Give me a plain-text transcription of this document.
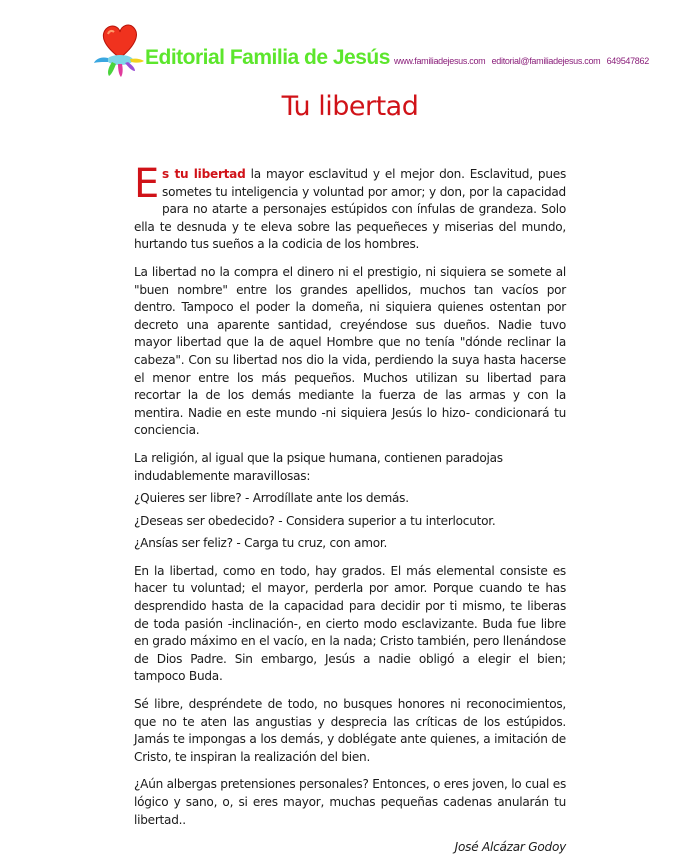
Editorial Familia de Jesús www.familiadejesus.com editorial@familiadejesus.com 649547862
Tu libertad

Es tu libertad la mayor esclavitud y el mejor don. Esclavitud, pues sometes tu inteligencia y voluntad por amor; y don, por la capacidad para no atarte a personajes estúpidos con ínfulas de grandeza. Solo ella te desnuda y te eleva sobre las pequeñeces y miserias del mundo, hurtando tus sueños a la codicia de los hombres.

La libertad no la compra el dinero ni el prestigio, ni siquiera se somete al "buen nombre" entre los grandes apellidos, muchos tan vacíos por dentro. Tampoco el poder la domeña, ni siquiera quienes ostentan por decreto una aparente santidad, creyéndose sus dueños. Nadie tuvo mayor libertad que la de aquel Hombre que no tenía "dónde reclinar la cabeza". Con su libertad nos dio la vida, perdiendo la suya hasta hacerse el menor entre los más pequeños. Muchos utilizan su libertad para recortar la de los demás mediante la fuerza de las armas y con la mentira. Nadie en este mundo -ni siquiera Jesús lo hizo- condicionará tu conciencia.

La religión, al igual que la psique humana, contienen paradojas indudablemente maravillosas:

¿Quieres ser libre? - Arrodíllate ante los demás.

¿Deseas ser obedecido? - Considera superior a tu interlocutor.

¿Ansías ser feliz? - Carga tu cruz, con amor.

En la libertad, como en todo, hay grados. El más elemental consiste es hacer tu voluntad; el mayor, perderla por amor. Porque cuando te has desprendido hasta de la capacidad para decidir por ti mismo, te liberas de toda pasión -inclinación-, en cierto modo esclavizante. Buda fue libre en grado máximo en el vacío, en la nada; Cristo también, pero llenándose de Dios Padre. Sin embargo, Jesús a nadie obligó a elegir el bien; tampoco Buda.

Sé libre, despréndete de todo, no busques honores ni reconocimientos, que no te aten las angustias y desprecia las críticas de los estúpidos. Jamás te impongas a los demás, y doblégate ante quienes, a imitación de Cristo, te inspiran la realización del bien.

¿Aún albergas pretensiones personales? Entonces, o eres joven, lo cual es lógico y sano, o, si eres mayor, muchas pequeñas cadenas anularán tu libertad..

José Alcázar Godoy
